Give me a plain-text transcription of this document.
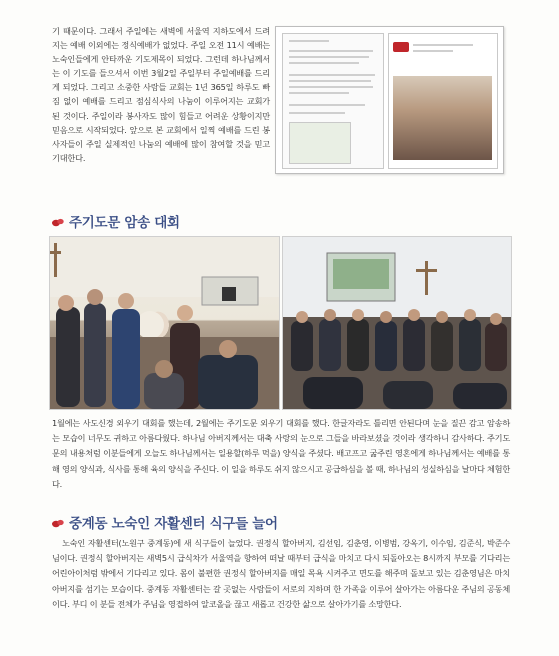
기 때문이다. 그래서 주일에는 새벽에 서울역 지하도에서 드려지는 예배 이외에는 정식예배가 없었다. 주일 오전 11시 예배는 노숙인들에게 안타까운 기도제목이 되었다. 그런데 하나님께서는 이 기도를 들으셔서 이번 3월2일 주일부터 주일예배를 드리게 되었다. 그리고 소중한 사람들 교회는 1년 365일 하루도 빠짐 없이 예배를 드리고 점심식사의 나눔이 이루어지는 교회가 된 것이다. 주일이라 봉사자도 많이 힘들고 어려운 상황이지만 믿음으로 시작되었다. 앞으로 본 교회에서 일찍 예배를 드린 봉사자들이 주일 실제적인 나눔의 예배에 많이 참여할 것을 믿고 기대한다.

주기도문 암송 대회

1월에는 사도신경 외우기 대회를 했는데, 2월에는 주기도문 외우기 대회를 했다. 한글자라도 틀리면 안된다며 눈을 질끈 감고 암송하는 모습이 너무도 귀하고 아름다웠다. 하나님 아버지께서는 대축 사랑의 눈으로 그들을 바라보셨을 것이라 생각하니 감사하다. 주기도문의 내용처럼 이분들에게 오늘도 하나님께서는 일용할(하루 먹을) 양식을 주셨다. 배고프고 굶주린 영혼에게 하나님께서는 예배를 통해 영의 양식과, 식사를 통해 육의 양식을 주신다. 이 일을 하루도 쉬지 않으시고 공급하심을 볼 때, 하나님의 성실하심을 날마다 체험한다.

중계동 노숙인 자활센터 식구들 늘어

노숙인 자활센터(노원구 중계동)에 새 식구들이 늘었다. 권정식 할아버지, 김선임, 김춘영, 이병범, 강옥기, 이수임, 김준식, 박준수님이다. 권정식 할아버지는 새벽5시 급식차가 서울역을 향하여 떠날 때부터 급식을 마치고 다시 되돌아오는 8시까지 부모를 기다리는 어린아이처럼 밖에서 기다리고 있다. 몸이 불편한 권정식 할아버지를 매일 목욕 시켜주고 면도를 해주며 돌보고 있는 김춘영님은 마치 아버지를 섬기는 모습이다. 중계동 자활센터는 갈 곳없는 사람들이 서로의 지하며 한 가족을 이루어 살아가는 아름다운 주님의 공동체이다. 부디 이 분들 전체가 주님을 영접하여 알코올을 끊고 새롭고 건강한 삶으로 살아가기를 소망한다.
